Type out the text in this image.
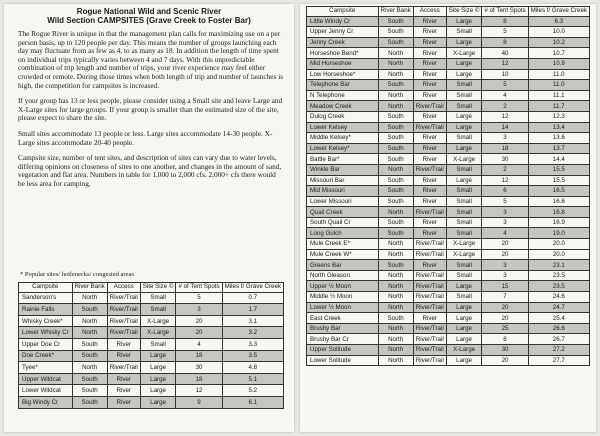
Rogue National Wild and Scenic River
Wild Section CAMPSITES (Grave Creek to Foster Bar)

The Rogue River is unique in that the management plan calls for maximizing use on a per person basis, up to 120 people per day. This means the number of groups launching each day may fluctuate from as few as 4, to as many as 18. In addition the length of time spent on individual trips typically varies between 4 and 7 days. With this unpredictable combination of trip length and number of trips, your river experience may feel either crowded or remote. During those times when both length of trip and number of launches is high, the competition for campsites is increased.

If your group has 13 or less people, please consider using a Small site and leave Large and X-Large sites for large groups. If your group is smaller than the estimated size of the site, please expect to share the site.

Small sites accommodate 13 people or less. Large sites accommodate 14-30 people. X-Large sites accommodate 20-40 people.

Campsite size, number of tent sites, and description of sites can vary due to water levels, differing opinions on closeness of sites to one another, and changes in the amount of sand, vegetation and flat area. Numbers in table for 1,000 to 2,000 cfs. 2,000+ cfs there would be less area for camping.

* Popular sites/ hotlenecks/ congested areas
Campsite	River Bank	Access	Site Size ©	# of Tent Spots	Miles f/ Grave Creek
Sanderson's	North	River/Trail	Small	5	0.7
Rainie Falls	South	River/Trail	Small	3	1.7
Whisky Creek*	North	River/Trail	X-Large	20	3.1
Lower Whisky Cr	North	River/Trail	X-Large	20	3.2
Upper Doe Cr	South	River	Small	4	3.3
Doe Creek*	South	River	Large	18	3.5
Tyee*	North	River/Trail	Large	30	4.8
Upper Wildcat	South	River	Large	18	5.1
Lower Wildcat	South	River	Large	12	5.2
Big Windy Cr	South	River	Large	9	6.1
Campsite	River Bank	Access	Site Size ©	# of Tent Spots	Miles f/ Grave Creek
Little Windy Cr	South	River	Large	8	6.3
Upper Jenny Cr	South	River	Small	5	10.0
Jenny Creek	South	River	Large	8	10.2
Horseshoe Bend*	North	River	X-Large	40	10.7
Mid Horseshoe	North	River	Large	12	10.9
Low Horseshoe*	North	River	Large	10	11.0
Telephone Bar	South	River	Small	5	11.0
N Telephone	North	River	Small	4	11.1
Meadow Creek	North	River/Trail	Small	2	11.7
Dulog Creek	South	River	Large	12	12.3
Lower Kelsey	South	River/Trail	Large	14	13.4
Middle Kelsey*	South	River	Small	3	13.6
Lower Kelsey*	South	River	Large	18	13.7
Battle Bar*	South	River	X-Large	30	14.4
Winkle Bar	North	River/Trail	Small	2	15.5
Missouri Bar	South	River	Large	12	15.5
Mid Missouri	South	River	Small	6	16.5
Lower Missouri	South	River	Small	5	16.6
Quail Creek	North	River/Trail	Small	3	16.8
South Quail Cr	South	River	Small	3	16.9
Long Gulch	South	River	Small	4	19.0
Mule Creek E*	North	River/Trail	X-Large	20	20.0
Mule Creek W*	North	River/Trail	X-Large	20	20.0
Greens Bar	South	River	Small	3	23.1
North Gleason	North	River/Trail	Small	3	23.5
Upper ½ Moon	North	River/Trail	Large	15	23.5
Middle ½ Moon	North	River/Trail	Small	7	24.6
Lower ½ Moon	North	River/Trail	Large	20	24.7
East Creek	South	River	Large	20	25.4
Brushy Bar	North	River/Trail	Large	25	26.6
Brushy Bar Cr	North	River/Trail	Large	8	26.7
Upper Solitude	North	River/Trail	X-Large	30	27.2
Lower Solitude	North	River/Trail	Large	20	27.7
